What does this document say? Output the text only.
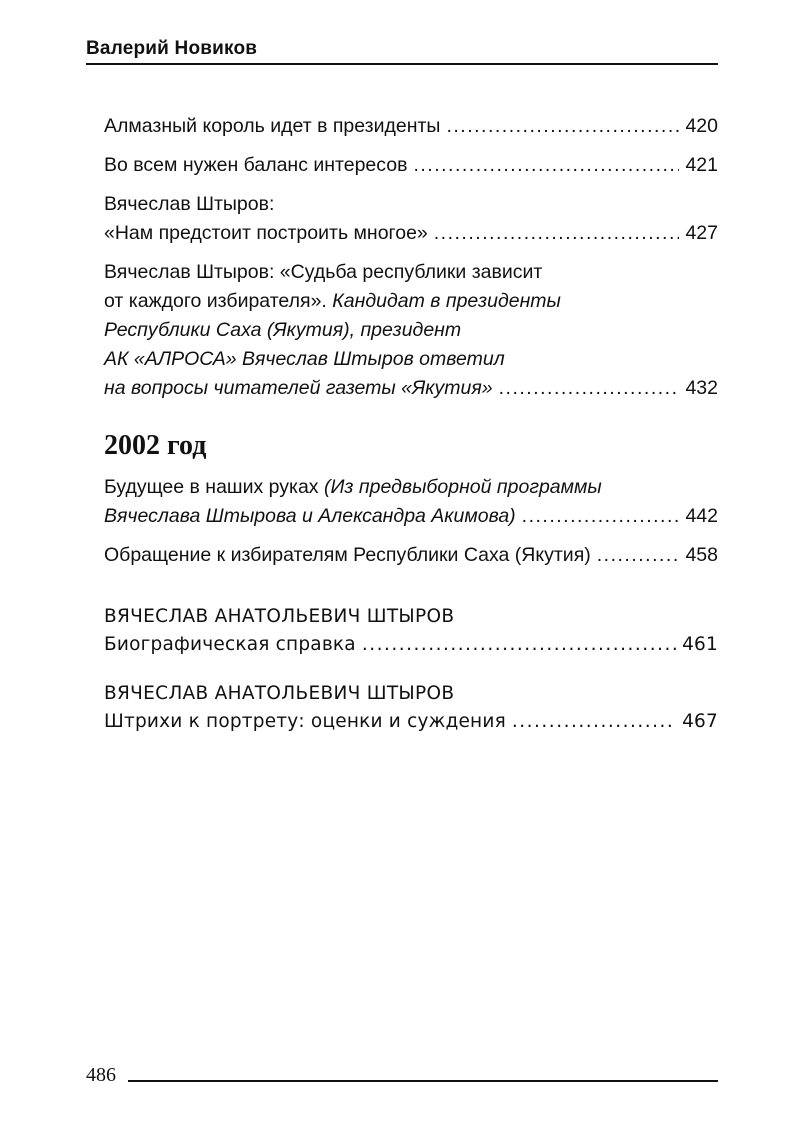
Валерий Новиков
Алмазный король идет в президенты .....	420
Во всем нужен баланс интересов .....	421
Вячеслав Штыров:
«Нам предстоит построить многое» .....	427
Вячеслав Штыров: «Судьба республики зависит
от каждого избирателя». Кандидат в президенты
Республики Саха (Якутия), президент
АК «АЛРОСА» Вячеслав Штыров ответил
на вопросы читателей газеты «Якутия» .....	432
2002 год
Будущее в наших руках (Из предвыборной программы
Вячеслава Штырова и Александра Акимова) .....	442
Обращение к избирателям Республики Саха (Якутия) .....	458
ВЯЧЕСЛАВ АНАТОЛЬЕВИЧ ШТЫРОВ
Биографическая справка .....	461
ВЯЧЕСЛАВ АНАТОЛЬЕВИЧ ШТЫРОВ
Штрихи к портрету: оценки и суждения .....	467
486
